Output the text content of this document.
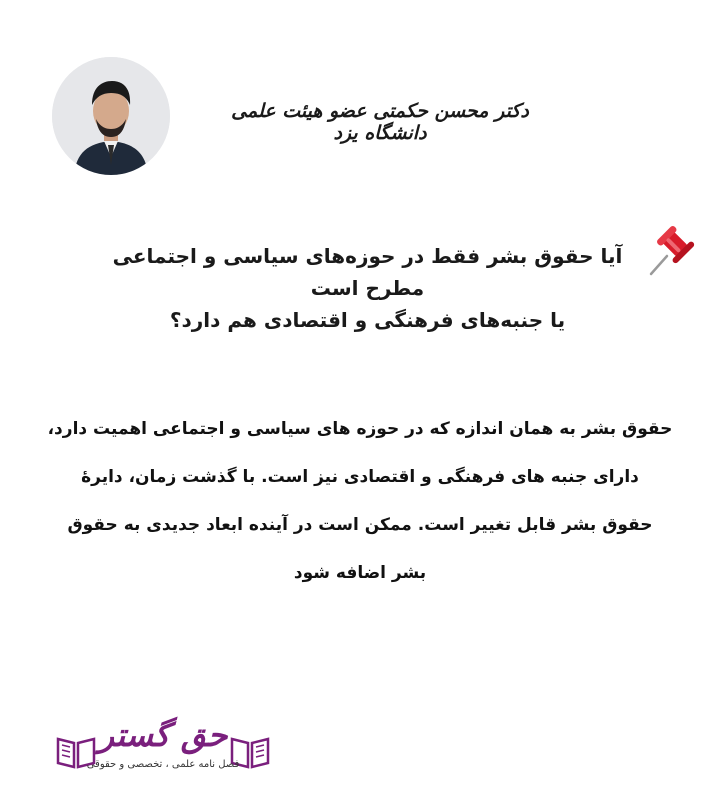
دکتر محسن حکمتی عضو هیئت علمی دانشگاه یزد
آیا حقوق بشر فقط در حوزه‌های سیاسی و اجتماعی مطرح است
یا جنبه‌های فرهنگی و اقتصادی هم دارد؟
حقوق بشر به همان اندازه که در حوزه های سیاسی و اجتماعی اهمیت دارد،
دارای جنبه های فرهنگی و اقتصادی نیز است. با گذشت زمان، دایرهٔ
حقوق بشر قابل تغییر است. ممکن است در آینده ابعاد جدیدی به حقوق
بشر اضافه شود
حق گستر
فصل نامه علمی ، تخصصی و حقوقی
